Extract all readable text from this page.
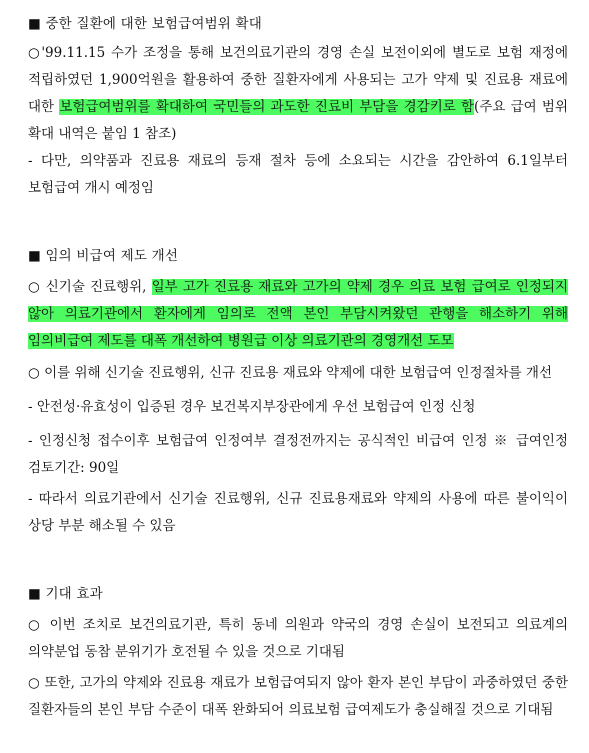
■ 중한 질환에 대한 보험급여범위 확대
○'99.11.15 수가 조정을 통해 보건의료기관의 경영 손실 보전이외에 별도로 보험 재정에 적립하였던 1,900억원을 활용하여 중한 질환자에게 사용되는 고가 약제 및 진료용 재료에 대한 보험급여범위를 확대하여 국민들의 과도한 진료비 부담을 경감키로 함(주요 급여 범위 확대 내역은 붙임 1 참조)
- 다만, 의약품과 진료용 재료의 등재 절차 등에 소요되는 시간을 감안하여 6.1일부터 보험급여 개시 예정임
■ 임의 비급여 제도 개선
○ 신기술 진료행위, 일부 고가 진료용 재료와 고가의 약제 경우 의료 보험 급여로 인정되지 않아 의료기관에서 환자에게 임의로 전액 본인 부담시켜왔던 관행을 해소하기 위해 임의비급여 제도를 대폭 개선하여 병원급 이상 의료기관의 경영개선 도모
○ 이를 위해 신기술 진료행위, 신규 진료용 재료와 약제에 대한 보험급여 인정절차를 개선
- 안전성·유효성이 입증된 경우 보건복지부장관에게 우선 보험급여 인정 신청
- 인정신청 접수이후 보험급여 인정여부 결정전까지는 공식적인 비급여 인정 ※ 급여인정 검토기간: 90일
- 따라서 의료기관에서 신기술 진료행위, 신규 진료용재료와 약제의 사용에 따른 불이익이 상당 부분 해소될 수 있음
■ 기대 효과
○ 이번 조치로 보건의료기관, 특히 동네 의원과 약국의 경영 손실이 보전되고 의료계의 의약분업 동참 분위기가 호전될 수 있을 것으로 기대됨
○ 또한, 고가의 약제와 진료용 재료가 보험급여되지 않아 환자 본인 부담이 과중하였던 중한 질환자들의 본인 부담 수준이 대폭 완화되어 의료보험 급여제도가 충실해질 것으로 기대됨
